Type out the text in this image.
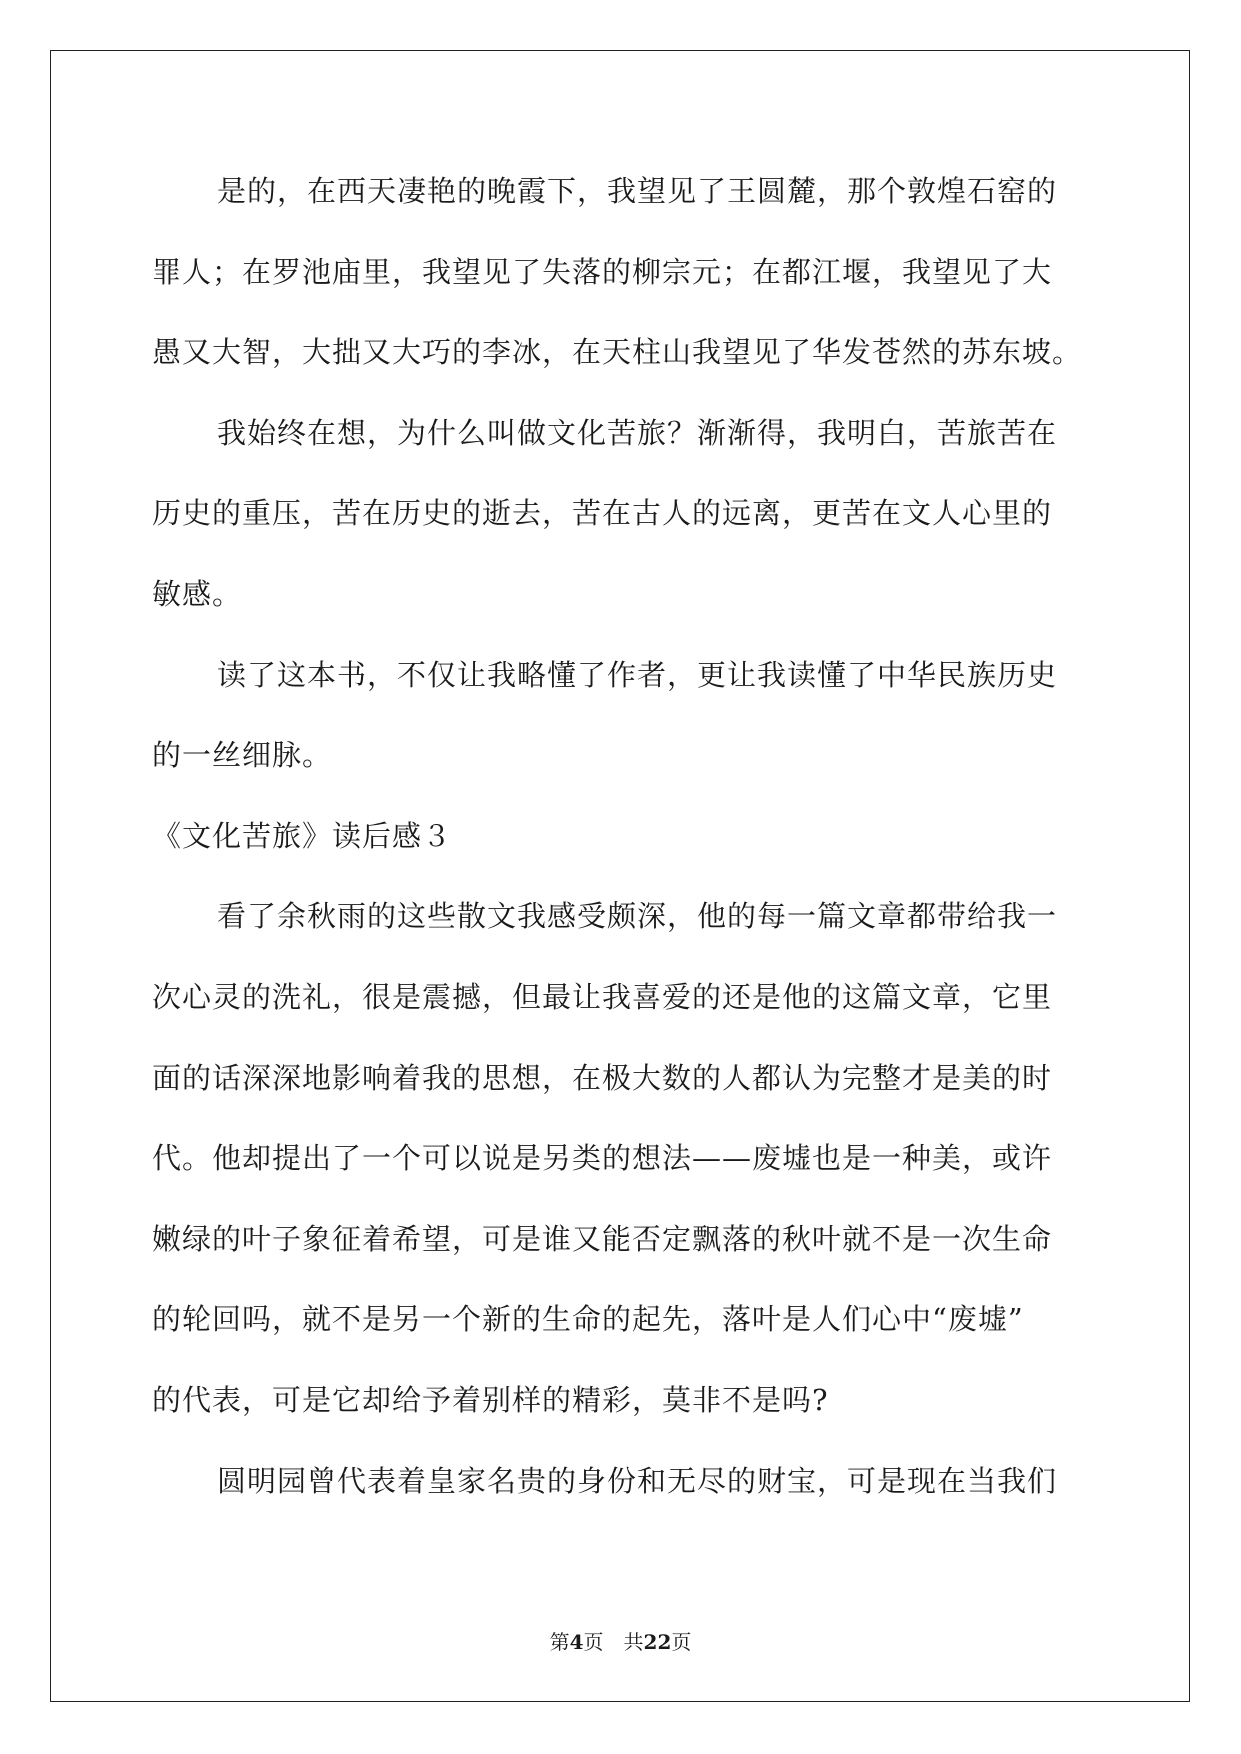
是的，在西天凄艳的晚霞下，我望见了王圆麓，那个敦煌石窑的
罪人；在罗池庙里，我望见了失落的柳宗元；在都江堰，我望见了大
愚又大智，大拙又大巧的李冰，在天柱山我望见了华发苍然的苏东坡。
我始终在想，为什么叫做文化苦旅？渐渐得，我明白，苦旅苦在
历史的重压，苦在历史的逝去，苦在古人的远离，更苦在文人心里的
敏感。
读了这本书，不仅让我略懂了作者，更让我读懂了中华民族历史
的一丝细脉。
《文化苦旅》读后感３
看了余秋雨的这些散文我感受颇深，他的每一篇文章都带给我一
次心灵的洗礼，很是震撼，但最让我喜爱的还是他的这篇文章，它里
面的话深深地影响着我的思想，在极大数的人都认为完整才是美的时
代。他却提出了一个可以说是另类的想法——废墟也是一种美，或许
嫩绿的叶子象征着希望，可是谁又能否定飘落的秋叶就不是一次生命
的轮回吗，就不是另一个新的生命的起先，落叶是人们心中“废墟”
的代表，可是它却给予着别样的精彩，莫非不是吗?
圆明园曾代表着皇家名贵的身份和无尽的财宝，可是现在当我们
第4页　共22页
